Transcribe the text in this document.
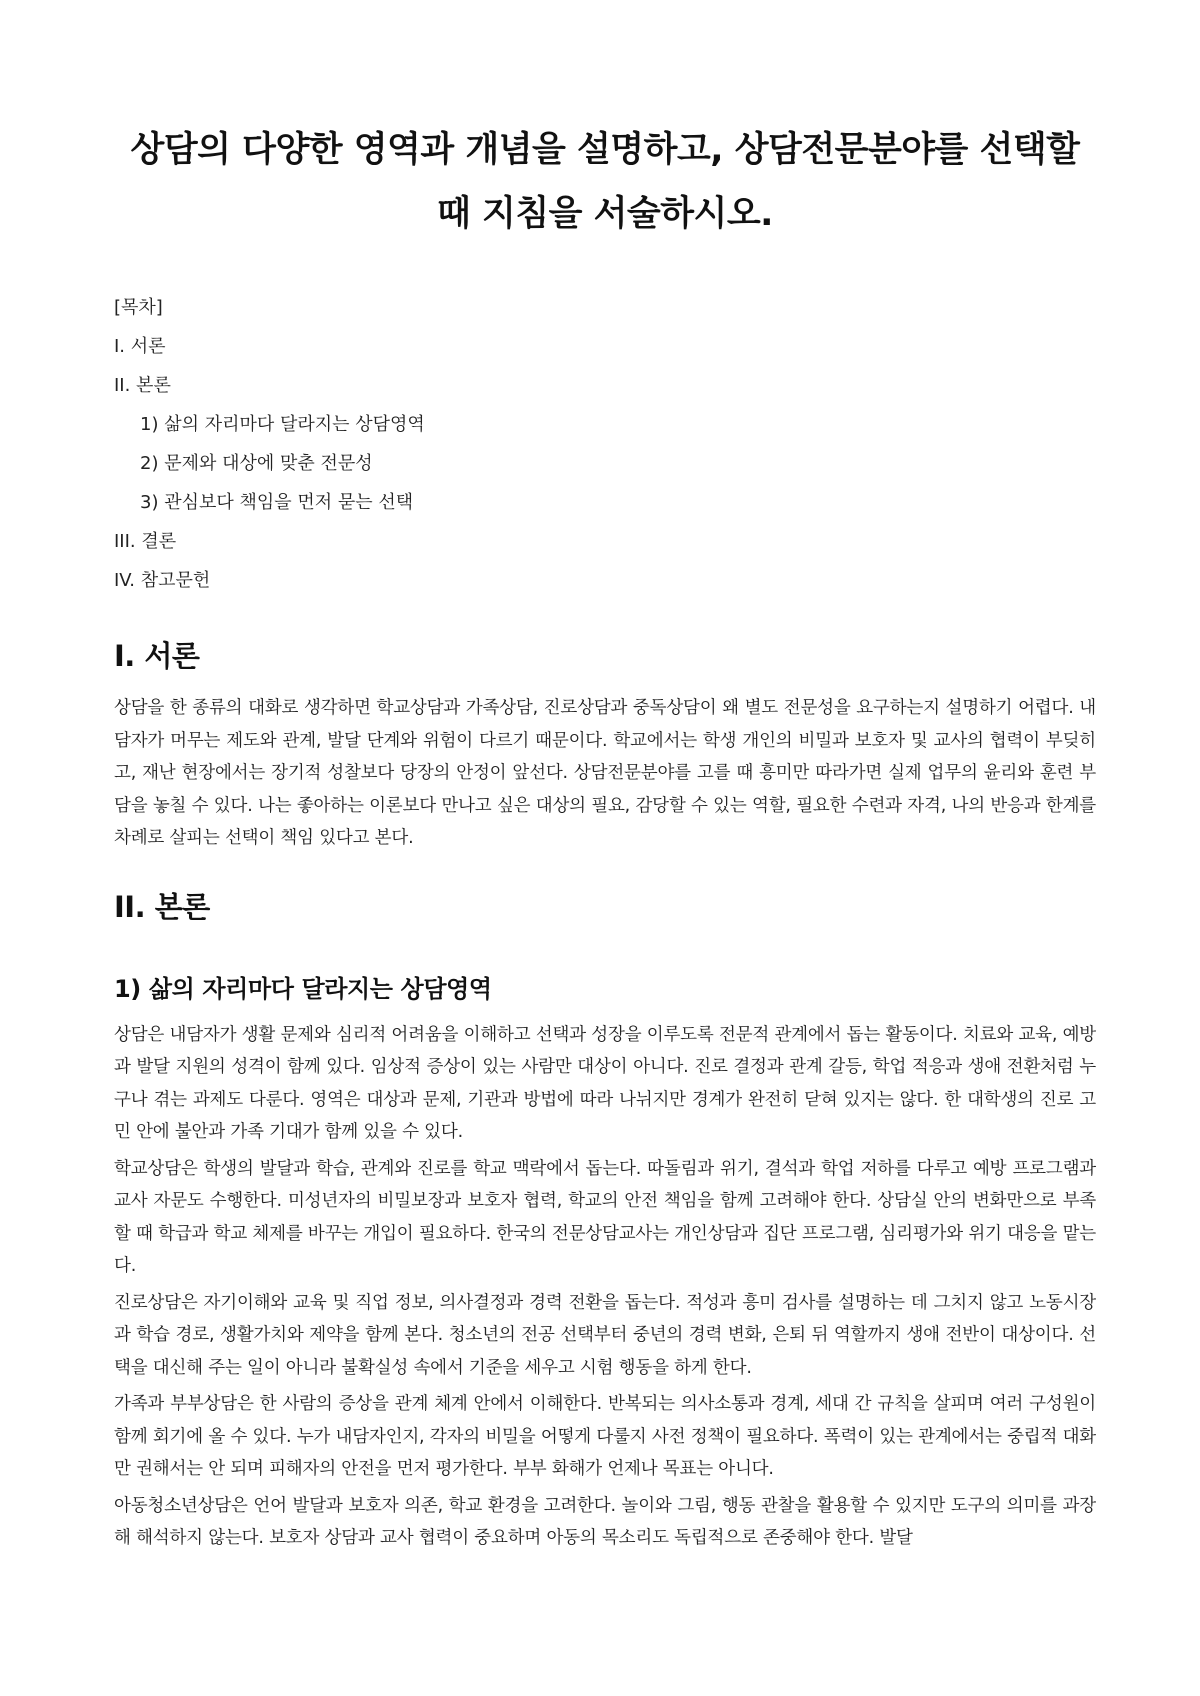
상담의 다양한 영역과 개념을 설명하고, 상담전문분야를 선택할 때 지침을 서술하시오.
[목차]
I. 서론
II. 본론
1) 삶의 자리마다 달라지는 상담영역
2) 문제와 대상에 맞춘 전문성
3) 관심보다 책임을 먼저 묻는 선택
III. 결론
IV. 참고문헌
I. 서론

상담을 한 종류의 대화로 생각하면 학교상담과 가족상담, 진로상담과 중독상담이 왜 별도 전문성을 요구하는지 설명하기 어렵다. 내담자가 머무는 제도와 관계, 발달 단계와 위험이 다르기 때문이다. 학교에서는 학생 개인의 비밀과 보호자 및 교사의 협력이 부딪히고, 재난 현장에서는 장기적 성찰보다 당장의 안정이 앞선다. 상담전문분야를 고를 때 흥미만 따라가면 실제 업무의 윤리와 훈련 부담을 놓칠 수 있다. 나는 좋아하는 이론보다 만나고 싶은 대상의 필요, 감당할 수 있는 역할, 필요한 수련과 자격, 나의 반응과 한계를 차례로 살피는 선택이 책임 있다고 본다.

II. 본론
1) 삶의 자리마다 달라지는 상담영역

상담은 내담자가 생활 문제와 심리적 어려움을 이해하고 선택과 성장을 이루도록 전문적 관계에서 돕는 활동이다. 치료와 교육, 예방과 발달 지원의 성격이 함께 있다. 임상적 증상이 있는 사람만 대상이 아니다. 진로 결정과 관계 갈등, 학업 적응과 생애 전환처럼 누구나 겪는 과제도 다룬다. 영역은 대상과 문제, 기관과 방법에 따라 나뉘지만 경계가 완전히 닫혀 있지는 않다. 한 대학생의 진로 고민 안에 불안과 가족 기대가 함께 있을 수 있다.

학교상담은 학생의 발달과 학습, 관계와 진로를 학교 맥락에서 돕는다. 따돌림과 위기, 결석과 학업 저하를 다루고 예방 프로그램과 교사 자문도 수행한다. 미성년자의 비밀보장과 보호자 협력, 학교의 안전 책임을 함께 고려해야 한다. 상담실 안의 변화만으로 부족할 때 학급과 학교 체제를 바꾸는 개입이 필요하다. 한국의 전문상담교사는 개인상담과 집단 프로그램, 심리평가와 위기 대응을 맡는다.

진로상담은 자기이해와 교육 및 직업 정보, 의사결정과 경력 전환을 돕는다. 적성과 흥미 검사를 설명하는 데 그치지 않고 노동시장과 학습 경로, 생활가치와 제약을 함께 본다. 청소년의 전공 선택부터 중년의 경력 변화, 은퇴 뒤 역할까지 생애 전반이 대상이다. 선택을 대신해 주는 일이 아니라 불확실성 속에서 기준을 세우고 시험 행동을 하게 한다.

가족과 부부상담은 한 사람의 증상을 관계 체계 안에서 이해한다. 반복되는 의사소통과 경계, 세대 간 규칙을 살피며 여러 구성원이 함께 회기에 올 수 있다. 누가 내담자인지, 각자의 비밀을 어떻게 다룰지 사전 정책이 필요하다. 폭력이 있는 관계에서는 중립적 대화만 권해서는 안 되며 피해자의 안전을 먼저 평가한다. 부부 화해가 언제나 목표는 아니다.

아동청소년상담은 언어 발달과 보호자 의존, 학교 환경을 고려한다. 놀이와 그림, 행동 관찰을 활용할 수 있지만 도구의 의미를 과장해 해석하지 않는다. 보호자 상담과 교사 협력이 중요하며 아동의 목소리도 독립적으로 존중해야 한다. 발달
